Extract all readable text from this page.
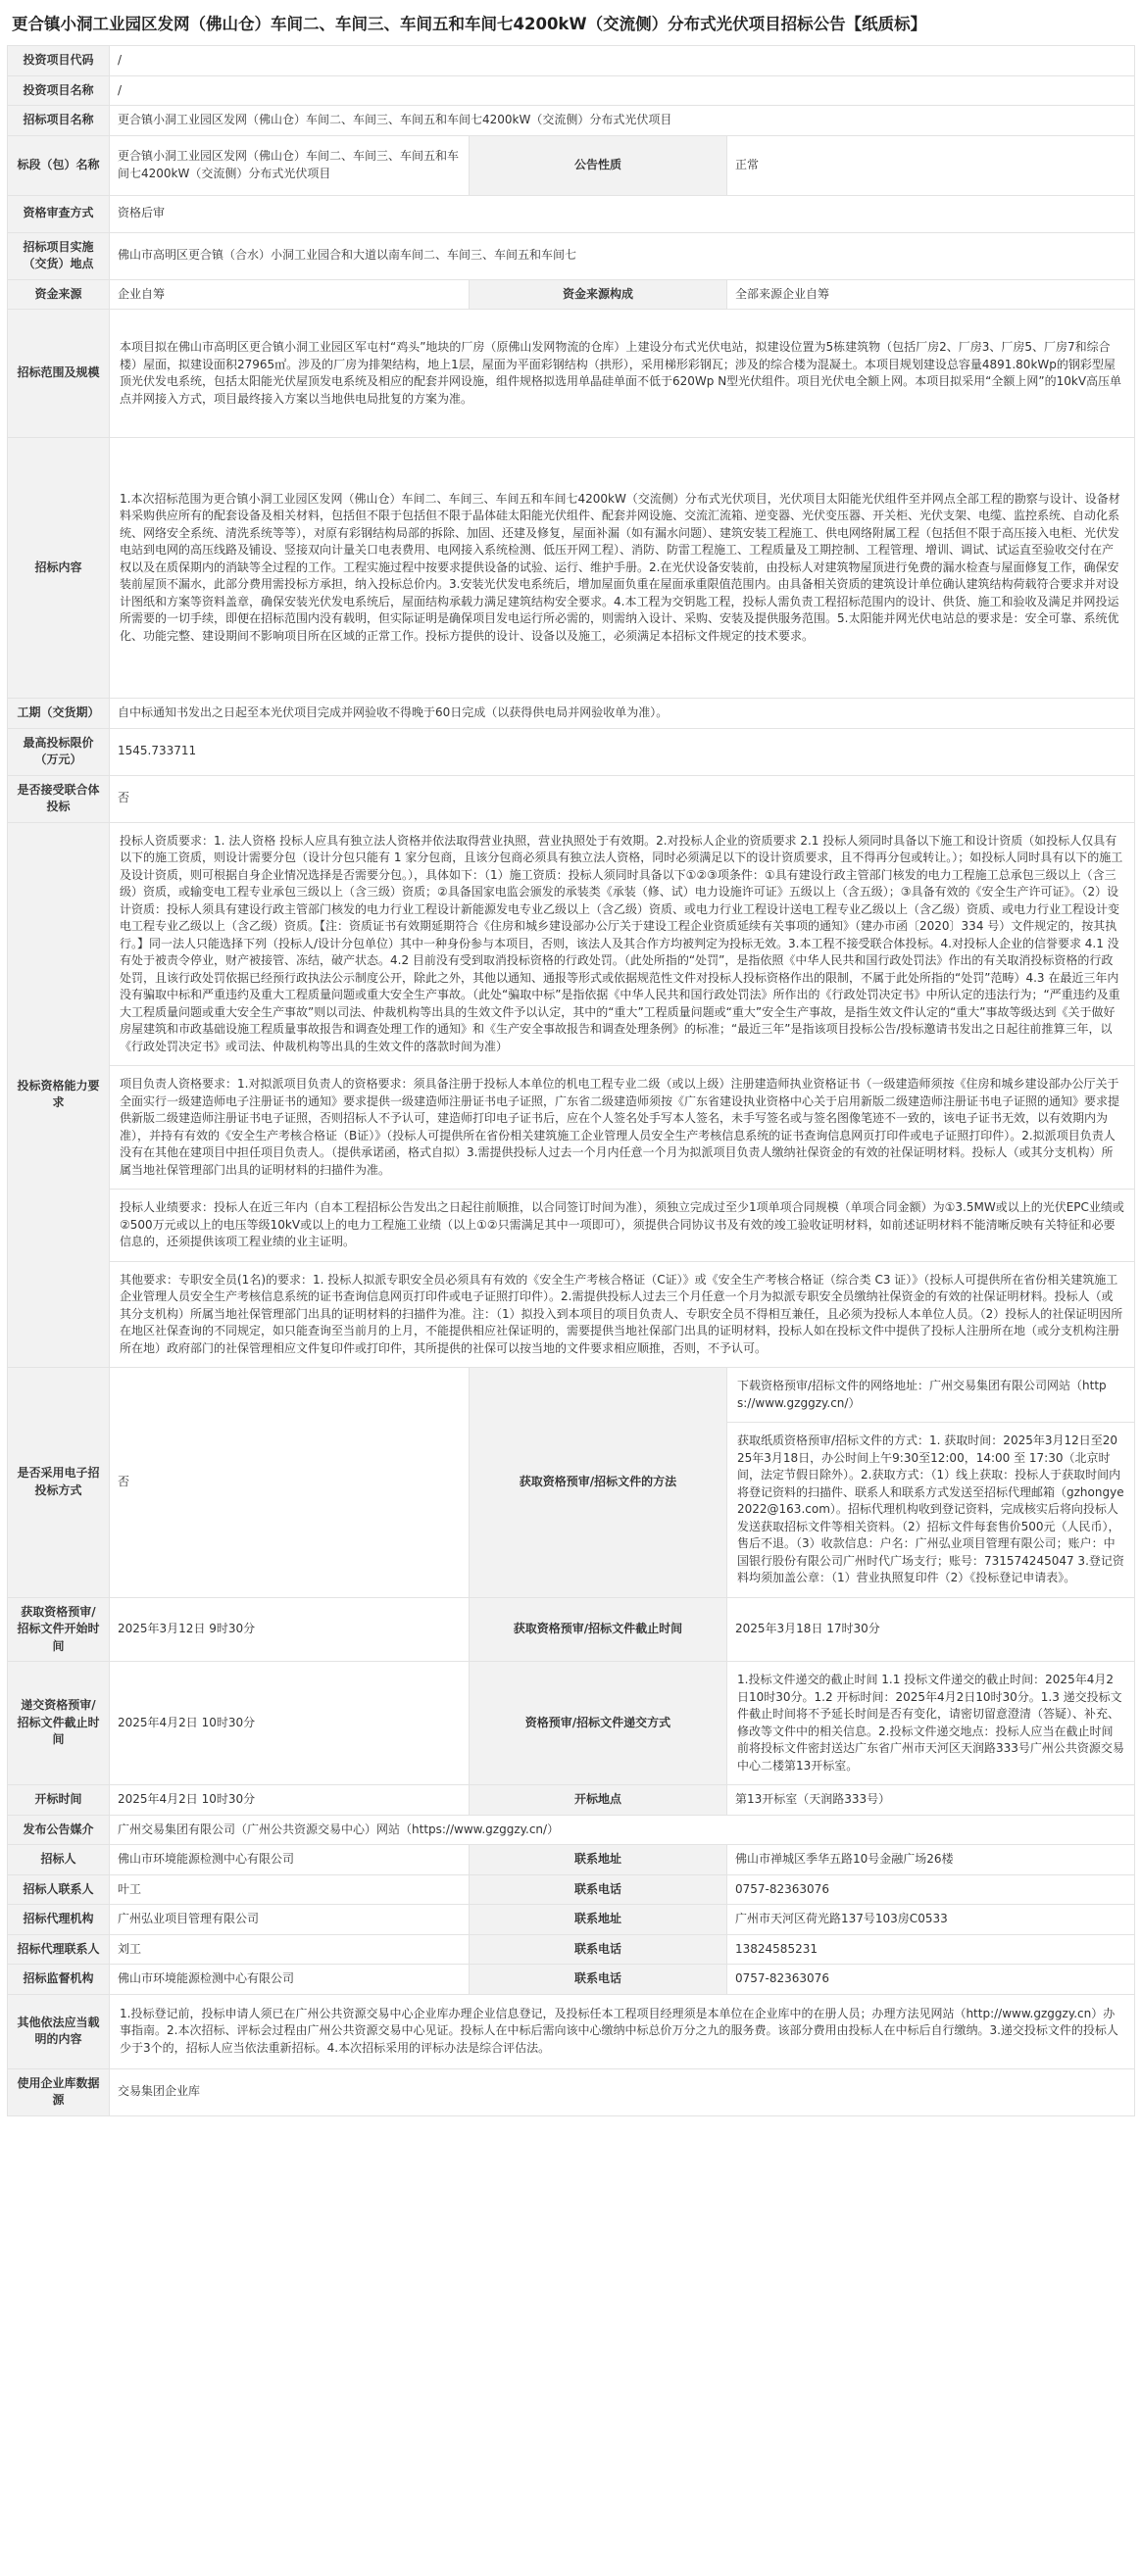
更合镇小洞工业园区发网（佛山仓）车间二、车间三、车间五和车间七4200kW（交流侧）分布式光伏项目招标公告【纸质标】
投资项目代码	/		
投资项目名称	/		
招标项目名称	更合镇小洞工业园区发网（佛山仓）车间二、车间三、车间五和车间七4200kW（交流侧）分布式光伏项目		
标段（包）名称	更合镇小洞工业园区发网（佛山仓）车间二、车间三、车间五和车间七4200kW（交流侧）分布式光伏项目	公告性质	正常
资格审查方式	资格后审		
招标项目实施（交货）地点	佛山市高明区更合镇（合水）小洞工业园合和大道以南车间二、车间三、车间五和车间七		
资金来源	企业自筹	资金来源构成	全部来源企业自筹
招标范围及规模	本项目拟在佛山市高明区更合镇小洞工业园区军屯村“鸡头”地块的厂房（原佛山发网物流的仓库）上建设分布式光伏电站，拟建设位置为5栋建筑物（包括厂房2、厂房3、厂房5、厂房7和综合楼）屋面，拟建设面积27965㎡。涉及的厂房为排架结构，地上1层，屋面为平面彩钢结构（拱形），采用梯形彩钢瓦；涉及的综合楼为混凝土。本项目规划建设总容量4891.80kWp的钢彩型屋顶光伏发电系统，包括太阳能光伏屋顶发电系统及相应的配套并网设施，组件规格拟选用单晶硅单面不低于620Wp N型光伏组件。项目光伏电全额上网。本项目拟采用“全额上网”的10kV高压单点并网接入方式，项目最终接入方案以当地供电局批复的方案为准。		
招标内容	1.本次招标范围为更合镇小洞工业园区发网（佛山仓）车间二、车间三、车间五和车间七4200kW（交流侧）分布式光伏项目，光伏项目太阳能光伏组件至并网点全部工程的勘察与设计、设备材料采购供应所有的配套设备及相关材料，包括但不限于包括但不限于晶体硅太阳能光伏组件、配套并网设施、交流汇流箱、逆变器、光伏变压器、开关柜、光伏支架、电缆、监控系统、自动化系统、网络安全系统、清洗系统等等），对原有彩钢结构局部的拆除、加固、还建及修复，屋面补漏（如有漏水问题）、建筑安装工程施工、供电网络附属工程（包括但不限于高压接入电柜、光伏发电站到电网的高压线路及铺设、竖接双向计量关口电表费用、电网接入系统检测、低压开网工程）、消防、防雷工程施工、工程质量及工期控制、工程管理、增训、调试、试运直至验收交付在产权以及在质保期内的消缺等全过程的工作。工程实施过程中按要求提供设备的试验、运行、维护手册。2.在光伏设备安装前，由投标人对建筑物屋顶进行免费的漏水检查与屋面修复工作，确保安装前屋顶不漏水，此部分费用需投标方承担，纳入投标总价内。3.安装光伏发电系统后，增加屋面负重在屋面承重限值范围内。由具备相关资质的建筑设计单位确认建筑结构荷载符合要求并对设计图纸和方案等资料盖章，确保安装光伏发电系统后，屋面结构承载力满足建筑结构安全要求。4.本工程为交钥匙工程，投标人需负责工程招标范围内的设计、供货、施工和验收及满足并网投运所需要的一切手续，即便在招标范围内没有载明，但实际证明是确保项目发电运行所必需的，则需纳入设计、采购、安装及提供服务范围。5.太阳能并网光伏电站总的要求是：安全可靠、系统优化、功能完整、建设期间不影响项目所在区域的正常工作。投标方提供的设计、设备以及施工，必须满足本招标文件规定的技术要求。		
工期（交货期）	自中标通知书发出之日起至本光伏项目完成并网验收不得晚于60日完成（以获得供电局并网验收单为准）。		
最高投标限价（万元）	1545.733711		
是否接受联合体投标	否		
投标资格能力要求	投标人资质要求：1. 法人资格 投标人应具有独立法人资格并依法取得营业执照，营业执照处于有效期。2.对投标人企业的资质要求 2.1 投标人须同时具备以下施工和设计资质（如投标人仅具有以下的施工资质，则设计需要分包（设计分包只能有 1 家分包商，且该分包商必须具有独立法人资格，同时必须满足以下的设计资质要求，且不得再分包或转让。）；如投标人同时具有以下的施工及设计资质，则可根据自身企业情况选择是否需要分包。），具体如下：（1）施工资质：投标人须同时具备以下①②③项条件：①具有建设行政主管部门核发的电力工程施工总承包三级以上（含三级）资质，或输变电工程专业承包三级以上（含三级）资质；②具备国家电监会颁发的承装类《承装（修、试）电力设施许可证》五级以上（含五级）；③具备有效的《安全生产许可证》。（2）设计资质：投标人须具有建设行政主管部门核发的电力行业工程设计新能源发电专业乙级以上（含乙级）资质、或电力行业工程设计送电工程专业乙级以上（含乙级）资质、或电力行业工程设计变电工程专业乙级以上（含乙级）资质。【注：资质证书有效期延期符合《住房和城乡建设部办公厅关于建设工程企业资质延续有关事项的通知》（建办市函〔2020〕334 号）文件规定的，按其执行。】同一法人只能选择下列（投标人/设计分包单位）其中一种身份参与本项目，否则，该法人及其合作方均被判定为投标无效。3.本工程不接受联合体投标。4.对投标人企业的信誉要求 4.1 没有处于被责令停业，财产被接管、冻结，破产状态。4.2 目前没有受到取消投标资格的行政处罚。（此处所指的“处罚”，是指依照《中华人民共和国行政处罚法》作出的有关取消投标资格的行政处罚，且该行政处罚依据已经预行政执法公示制度公开，除此之外，其他以通知、通报等形式或依据规范性文件对投标人投标资格作出的限制，不属于此处所指的“处罚”范畴）4.3 在最近三年内没有骗取中标和严重违约及重大工程质量问题或重大安全生产事故。（此处“骗取中标”是指依据《中华人民共和国行政处罚法》所作出的《行政处罚决定书》中所认定的违法行为；“严重违约及重大工程质量问题或重大安全生产事故”则以司法、仲裁机构等出具的生效文件予以认定，其中的“重大”工程质量问题或“重大”安全生产事故，是指生效文件认定的“重大”事故等级达到《关于做好房屋建筑和市政基础设施工程质量事故报告和调查处理工作的通知》和《生产安全事故报告和调查处理条例》的标准；“最近三年”是指该项目投标公告/投标邀请书发出之日起往前推算三年，以《行政处罚决定书》或司法、仲裁机构等出具的生效文件的落款时间为准）
项目负责人资格要求：1.对拟派项目负责人的资格要求：须具备注册于投标人本单位的机电工程专业二级（或以上级）注册建造师执业资格证书（一级建造师须按《住房和城乡建设部办公厅关于全面实行一级建造师电子注册证书的通知》要求提供一级建造师注册证书电子证照，广东省二级建造师须按《广东省建设执业资格中心关于启用新版二级建造师注册证书电子证照的通知》要求提供新版二级建造师注册证书电子证照，否则招标人不予认可，建造师打印电子证书后，应在个人签名处手写本人签名，未手写签名或与签名图像笔迹不一致的，该电子证书无效，以有效期内为准），并持有有效的《安全生产考核合格证（B证）》（投标人可提供所在省份相关建筑施工企业管理人员安全生产考核信息系统的证书查询信息网页打印件或电子证照打印件）。2.拟派项目负责人没有在其他在建项目中担任项目负责人。（提供承诺函，格式自拟）3.需提供投标人过去一个月内任意一个月为拟派项目负责人缴纳社保资金的有效的社保证明材料。投标人（或其分支机构）所属当地社保管理部门出具的证明材料的扫描件为准。
投标人业绩要求：投标人在近三年内（自本工程招标公告发出之日起往前顺推，以合同签订时间为准），须独立完成过至少1项单项合同规模（单项合同金额）为①3.5MW或以上的光伏EPC业绩或②500万元或以上的电压等级10kV或以上的电力工程施工业绩（以上①②只需满足其中一项即可），须提供合同协议书及有效的竣工验收证明材料，如前述证明材料不能清晰反映有关特征和必要信息的，还须提供该项工程业绩的业主证明。
其他要求：专职安全员(1名)的要求：1. 投标人拟派专职安全员必须具有有效的《安全生产考核合格证（C证）》或《安全生产考核合格证（综合类 C3 证）》（投标人可提供所在省份相关建筑施工企业管理人员安全生产考核信息系统的证书查询信息网页打印件或电子证照打印件）。2.需提供投标人过去三个月任意一个月为拟派专职安全员缴纳社保资金的有效的社保证明材料。投标人（或其分支机构）所属当地社保管理部门出具的证明材料的扫描件为准。注：（1）拟投入到本项目的项目负责人、专职安全员不得相互兼任，且必须为投标人本单位人员。（2）投标人的社保证明因所在地区社保查询的不同规定，如只能查询至当前月的上月，不能提供相应社保证明的，需要提供当地社保部门出具的证明材料，投标人如在投标文件中提供了投标人注册所在地（或分支机构注册所在地）政府部门的社保管理相应文件复印件或打印件，其所提供的社保可以按当地的文件要求相应顺推，否则，不予认可。		

是否采用电子招投标方式	否	获取资格预审/招标文件的方法	下载资格预审/招标文件的网络地址：广州交易集团有限公司网站（https://www.gzggzy.cn/）
获取纸质资格预审/招标文件的方式：1. 获取时间：2025年3月12日至2025年3月18日，办公时间上午9:30至12:00，14:00 至 17:30（北京时间，法定节假日除外）。2.获取方式：（1）线上获取：投标人于获取时间内将登记资料的扫描件、联系人和联系方式发送至招标代理邮箱（gzhongye2022@163.com）。招标代理机构收到登记资料，完成核实后将向投标人发送获取招标文件等相关资料。（2）招标文件每套售价500元（人民币），售后不退。（3）收款信息：户名：广州弘业项目管理有限公司；账户：中国银行股份有限公司广州时代广场支行；账号：731574245047 3.登记资料均须加盖公章：（1）营业执照复印件（2）《投标登记申请表》。

获取资格预审/招标文件开始时间	2025年3月12日 9时30分	获取资格预审/招标文件截止时间	2025年3月18日 17时30分
递交资格预审/招标文件截止时间	2025年4月2日 10时30分	资格预审/招标文件递交方式	1.投标文件递交的截止时间 1.1 投标文件递交的截止时间：2025年4月2日10时30分。1.2 开标时间：2025年4月2日10时30分。1.3 递交投标文件截止时间将不予延长时间是否有变化，请密切留意澄清（答疑）、补充、修改等文件中的相关信息。2.投标文件递交地点：投标人应当在截止时间前将投标文件密封送达广东省广州市天河区天润路333号广州公共资源交易中心二楼第13开标室。
开标时间	2025年4月2日 10时30分	开标地点	第13开标室（天润路333号）
发布公告媒介	广州交易集团有限公司（广州公共资源交易中心）网站（https://www.gzggzy.cn/）		
招标人	佛山市环境能源检测中心有限公司	联系地址	佛山市禅城区季华五路10号金融广场26楼
招标人联系人	叶工	联系电话	0757-82363076
招标代理机构	广州弘业项目管理有限公司	联系地址	广州市天河区荷光路137号103房C0533
招标代理联系人	刘工	联系电话	13824585231
招标监督机构	佛山市环境能源检测中心有限公司	联系电话	0757-82363076
其他依法应当载明的内容	1.投标登记前，投标申请人须已在广州公共资源交易中心企业库办理企业信息登记，及投标任本工程项目经理须是本单位在企业库中的在册人员；办理方法见网站（http://www.gzggzy.cn）办事指南。2.本次招标、评标会过程由广州公共资源交易中心见证。投标人在中标后需向该中心缴纳中标总价万分之九的服务费。该部分费用由投标人在中标后自行缴纳。3.递交投标文件的投标人少于3个的，招标人应当依法重新招标。4.本次招标采用的评标办法是综合评估法。		
使用企业库数据源	交易集团企业库		
